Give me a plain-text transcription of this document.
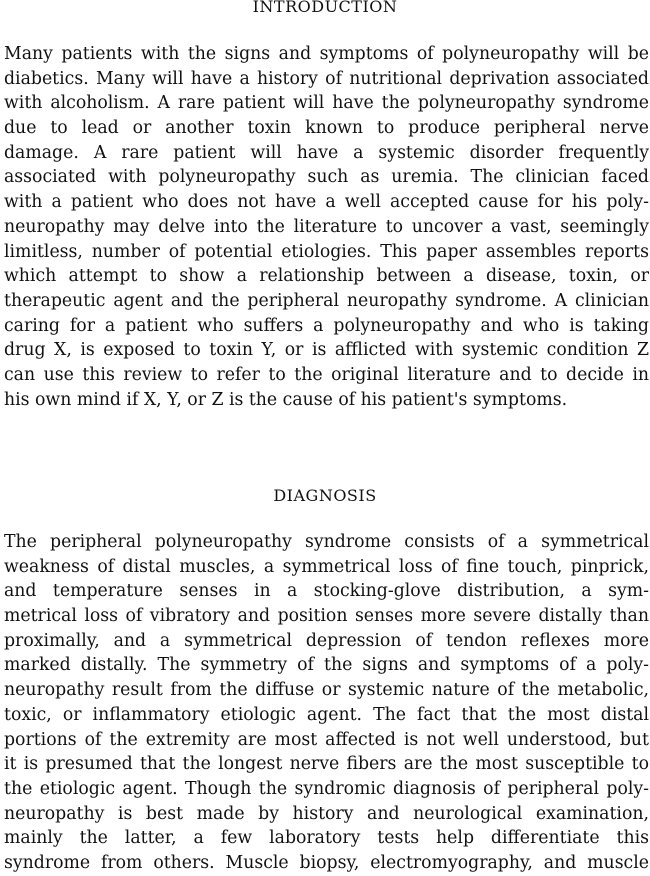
INTRODUCTION
Many patients with the signs and symptoms of polyneuropathy will be
diabetics. Many will have a history of nutritional deprivation associated
with alcoholism. A rare patient will have the polyneuropathy syndrome
due to lead or another toxin known to produce peripheral nerve
damage. A rare patient will have a systemic disorder frequently
associated with polyneuropathy such as uremia. The clinician faced
with a patient who does not have a well accepted cause for his poly-
neuropathy may delve into the literature to uncover a vast, seemingly
limitless, number of potential etiologies. This paper assembles reports
which attempt to show a relationship between a disease, toxin, or
therapeutic agent and the peripheral neuropathy syndrome. A clinician
caring for a patient who suffers a polyneuropathy and who is taking
drug X, is exposed to toxin Y, or is afflicted with systemic condition Z
can use this review to refer to the original literature and to decide in
his own mind if X, Y, or Z is the cause of his patient's symptoms.
DIAGNOSIS
The peripheral polyneuropathy syndrome consists of a symmetrical
weakness of distal muscles, a symmetrical loss of fine touch, pinprick,
and temperature senses in a stocking-glove distribution, a sym-
metrical loss of vibratory and position senses more severe distally than
proximally, and a symmetrical depression of tendon reflexes more
marked distally. The symmetry of the signs and symptoms of a poly-
neuropathy result from the diffuse or systemic nature of the metabolic,
toxic, or inflammatory etiologic agent. The fact that the most distal
portions of the extremity are most affected is not well understood, but
it is presumed that the longest nerve fibers are the most susceptible to
the etiologic agent. Though the syndromic diagnosis of peripheral poly-
neuropathy is best made by history and neurological examination,
mainly the latter, a few laboratory tests help differentiate this
syndrome from others. Muscle biopsy, electromyography, and muscle
